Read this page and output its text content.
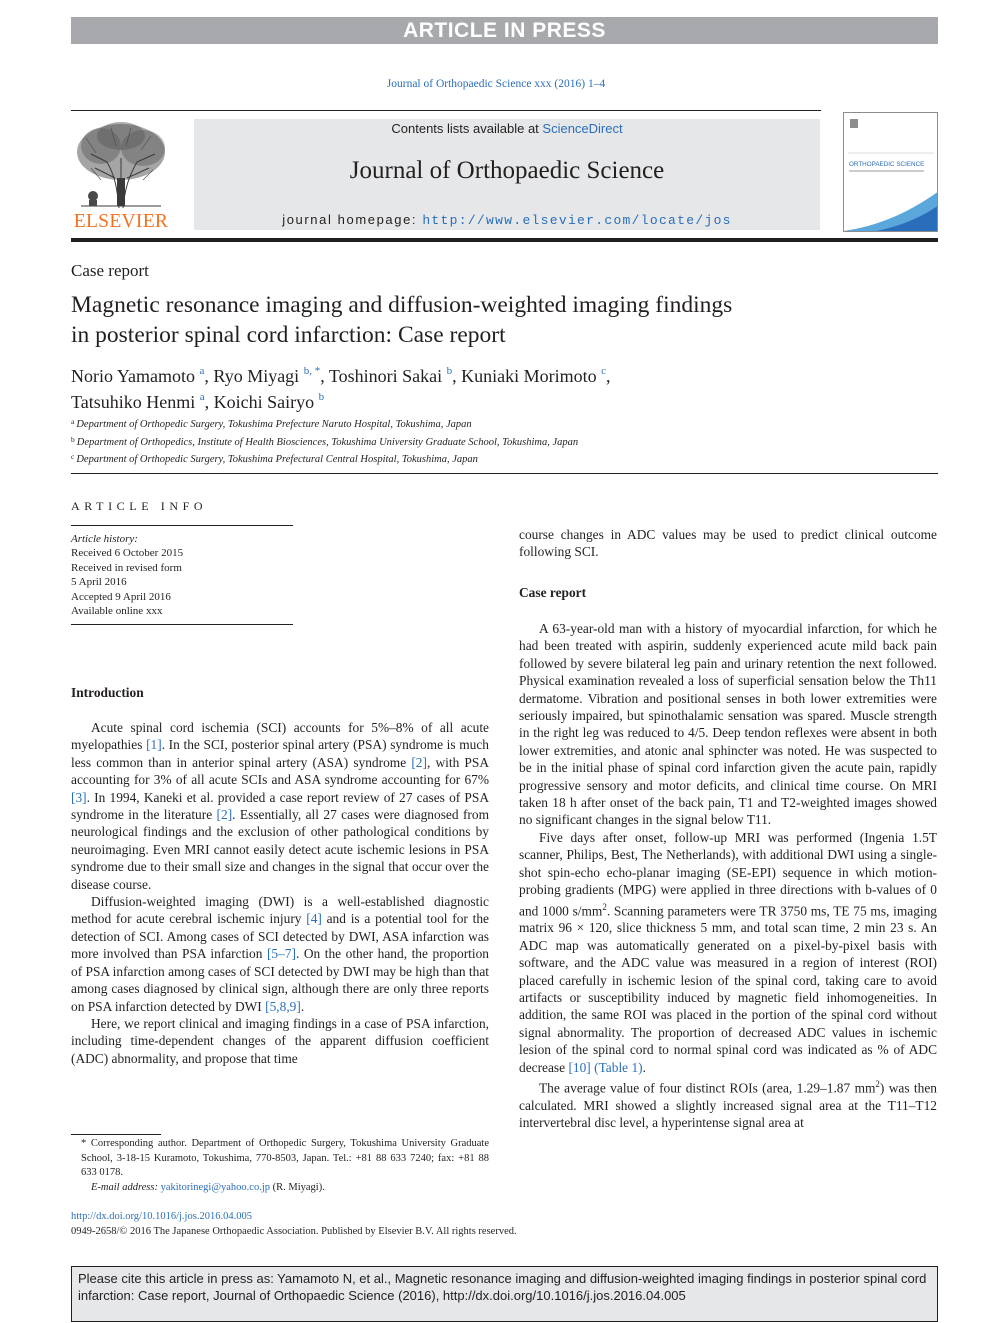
ARTICLE IN PRESS
Journal of Orthopaedic Science xxx (2016) 1–4
ELSEVIER
Contents lists available at ScienceDirect
Journal of Orthopaedic Science
journal homepage: http://www.elsevier.com/locate/jos
ORTHOPAEDIC SCIENCE
Case report
Magnetic resonance imaging and diffusion-weighted imaging findings
in posterior spinal cord infarction: Case report
Norio Yamamoto $^a$, Ryo Miyagi $^{b, *}$, Toshinori Sakai $^b$, Kuniaki Morimoto $^c$,
Tatsuhiko Henmi $^a$, Koichi Sairyo $^b$
$^a$ Department of Orthopedic Surgery, Tokushima Prefecture Naruto Hospital, Tokushima, Japan
$^b$ Department of Orthopedics, Institute of Health Biosciences, Tokushima University Graduate School, Tokushima, Japan
$^c$ Department of Orthopedic Surgery, Tokushima Prefectural Central Hospital, Tokushima, Japan
ARTICLE INFO
Article history:
Received 6 October 2015
Received in revised form
5 April 2016
Accepted 9 April 2016
Available online xxx
Introduction

Acute spinal cord ischemia (SCI) accounts for 5%–8% of all acute myelopathies [1]. In the SCI, posterior spinal artery (PSA) syndrome is much less common than in anterior spinal artery (ASA) syndrome [2], with PSA accounting for 3% of all acute SCIs and ASA syndrome accounting for 67% [3]. In 1994, Kaneki et al. provided a case report review of 27 cases of PSA syndrome in the literature [2]. Essentially, all 27 cases were diagnosed from neurological findings and the exclusion of other pathological conditions by neuroimaging. Even MRI cannot easily detect acute ischemic lesions in PSA syndrome due to their small size and changes in the signal that occur over the disease course.

Diffusion-weighted imaging (DWI) is a well-established diagnostic method for acute cerebral ischemic injury [4] and is a potential tool for the detection of SCI. Among cases of SCI detected by DWI, ASA infarction was more involved than PSA infarction [5–7]. On the other hand, the proportion of PSA infarction among cases of SCI detected by DWI may be high than that among cases diagnosed by clinical sign, although there are only three reports on PSA infarction detected by DWI [5,8,9].

Here, we report clinical and imaging findings in a case of PSA infarction, including time-dependent changes of the apparent diffusion coefficient (ADC) abnormality, and propose that time

* Corresponding author. Department of Orthopedic Surgery, Tokushima University Graduate School, 3-18-15 Kuramoto, Tokushima, 770-8503, Japan. Tel.: +81 88 633 7240; fax: +81 88 633 0178.
E-mail address: yakitorinegi@yahoo.co.jp (R. Miyagi).

course changes in ADC values may be used to predict clinical outcome following SCI.

Case report

A 63-year-old man with a history of myocardial infarction, for which he had been treated with aspirin, suddenly experienced acute mild back pain followed by severe bilateral leg pain and urinary retention the next followed. Physical examination revealed a loss of superficial sensation below the Th11 dermatome. Vibration and positional senses in both lower extremities were seriously impaired, but spinothalamic sensation was spared. Muscle strength in the right leg was reduced to 4/5. Deep tendon reflexes were absent in both lower extremities, and atonic anal sphincter was noted. He was suspected to be in the initial phase of spinal cord infarction given the acute pain, rapidly progressive sensory and motor deficits, and clinical time course. On MRI taken 18 h after onset of the back pain, T1 and T2-weighted images showed no significant changes in the signal below T11.

Five days after onset, follow-up MRI was performed (Ingenia 1.5T scanner, Philips, Best, The Netherlands), with additional DWI using a single-shot spin-echo echo-planar imaging (SE-EPI) sequence in which motion-probing gradients (MPG) were applied in three directions with b-values of 0 and 1000 $s/mm^2$. Scanning parameters were TR 3750 ms, TE 75 ms, imaging matrix 96 × 120, slice thickness 5 mm, and total scan time, 2 min 23 s. An ADC map was automatically generated on a pixel-by-pixel basis with software, and the ADC value was measured in a region of interest (ROI) placed carefully in ischemic lesion of the spinal cord, taking care to avoid artifacts or susceptibility induced by magnetic field inhomogeneities. In addition, the same ROI was placed in the portion of the spinal cord without signal abnormality. The proportion of decreased ADC values in ischemic lesion of the spinal cord to normal spinal cord was indicated as % of ADC decrease [10] (Table 1).

The average value of four distinct ROIs (area, 1.29–1.87 $mm^2$) was then calculated. MRI showed a slightly increased signal area at the T11–T12 intervertebral disc level, a hyperintense signal area at

http://dx.doi.org/10.1016/j.jos.2016.04.005
0949-2658/© 2016 The Japanese Orthopaedic Association. Published by Elsevier B.V. All rights reserved.
Please cite this article in press as: Yamamoto N, et al., Magnetic resonance imaging and diffusion-weighted imaging findings in posterior spinal cord infarction: Case report, Journal of Orthopaedic Science (2016), http://dx.doi.org/10.1016/j.jos.2016.04.005
